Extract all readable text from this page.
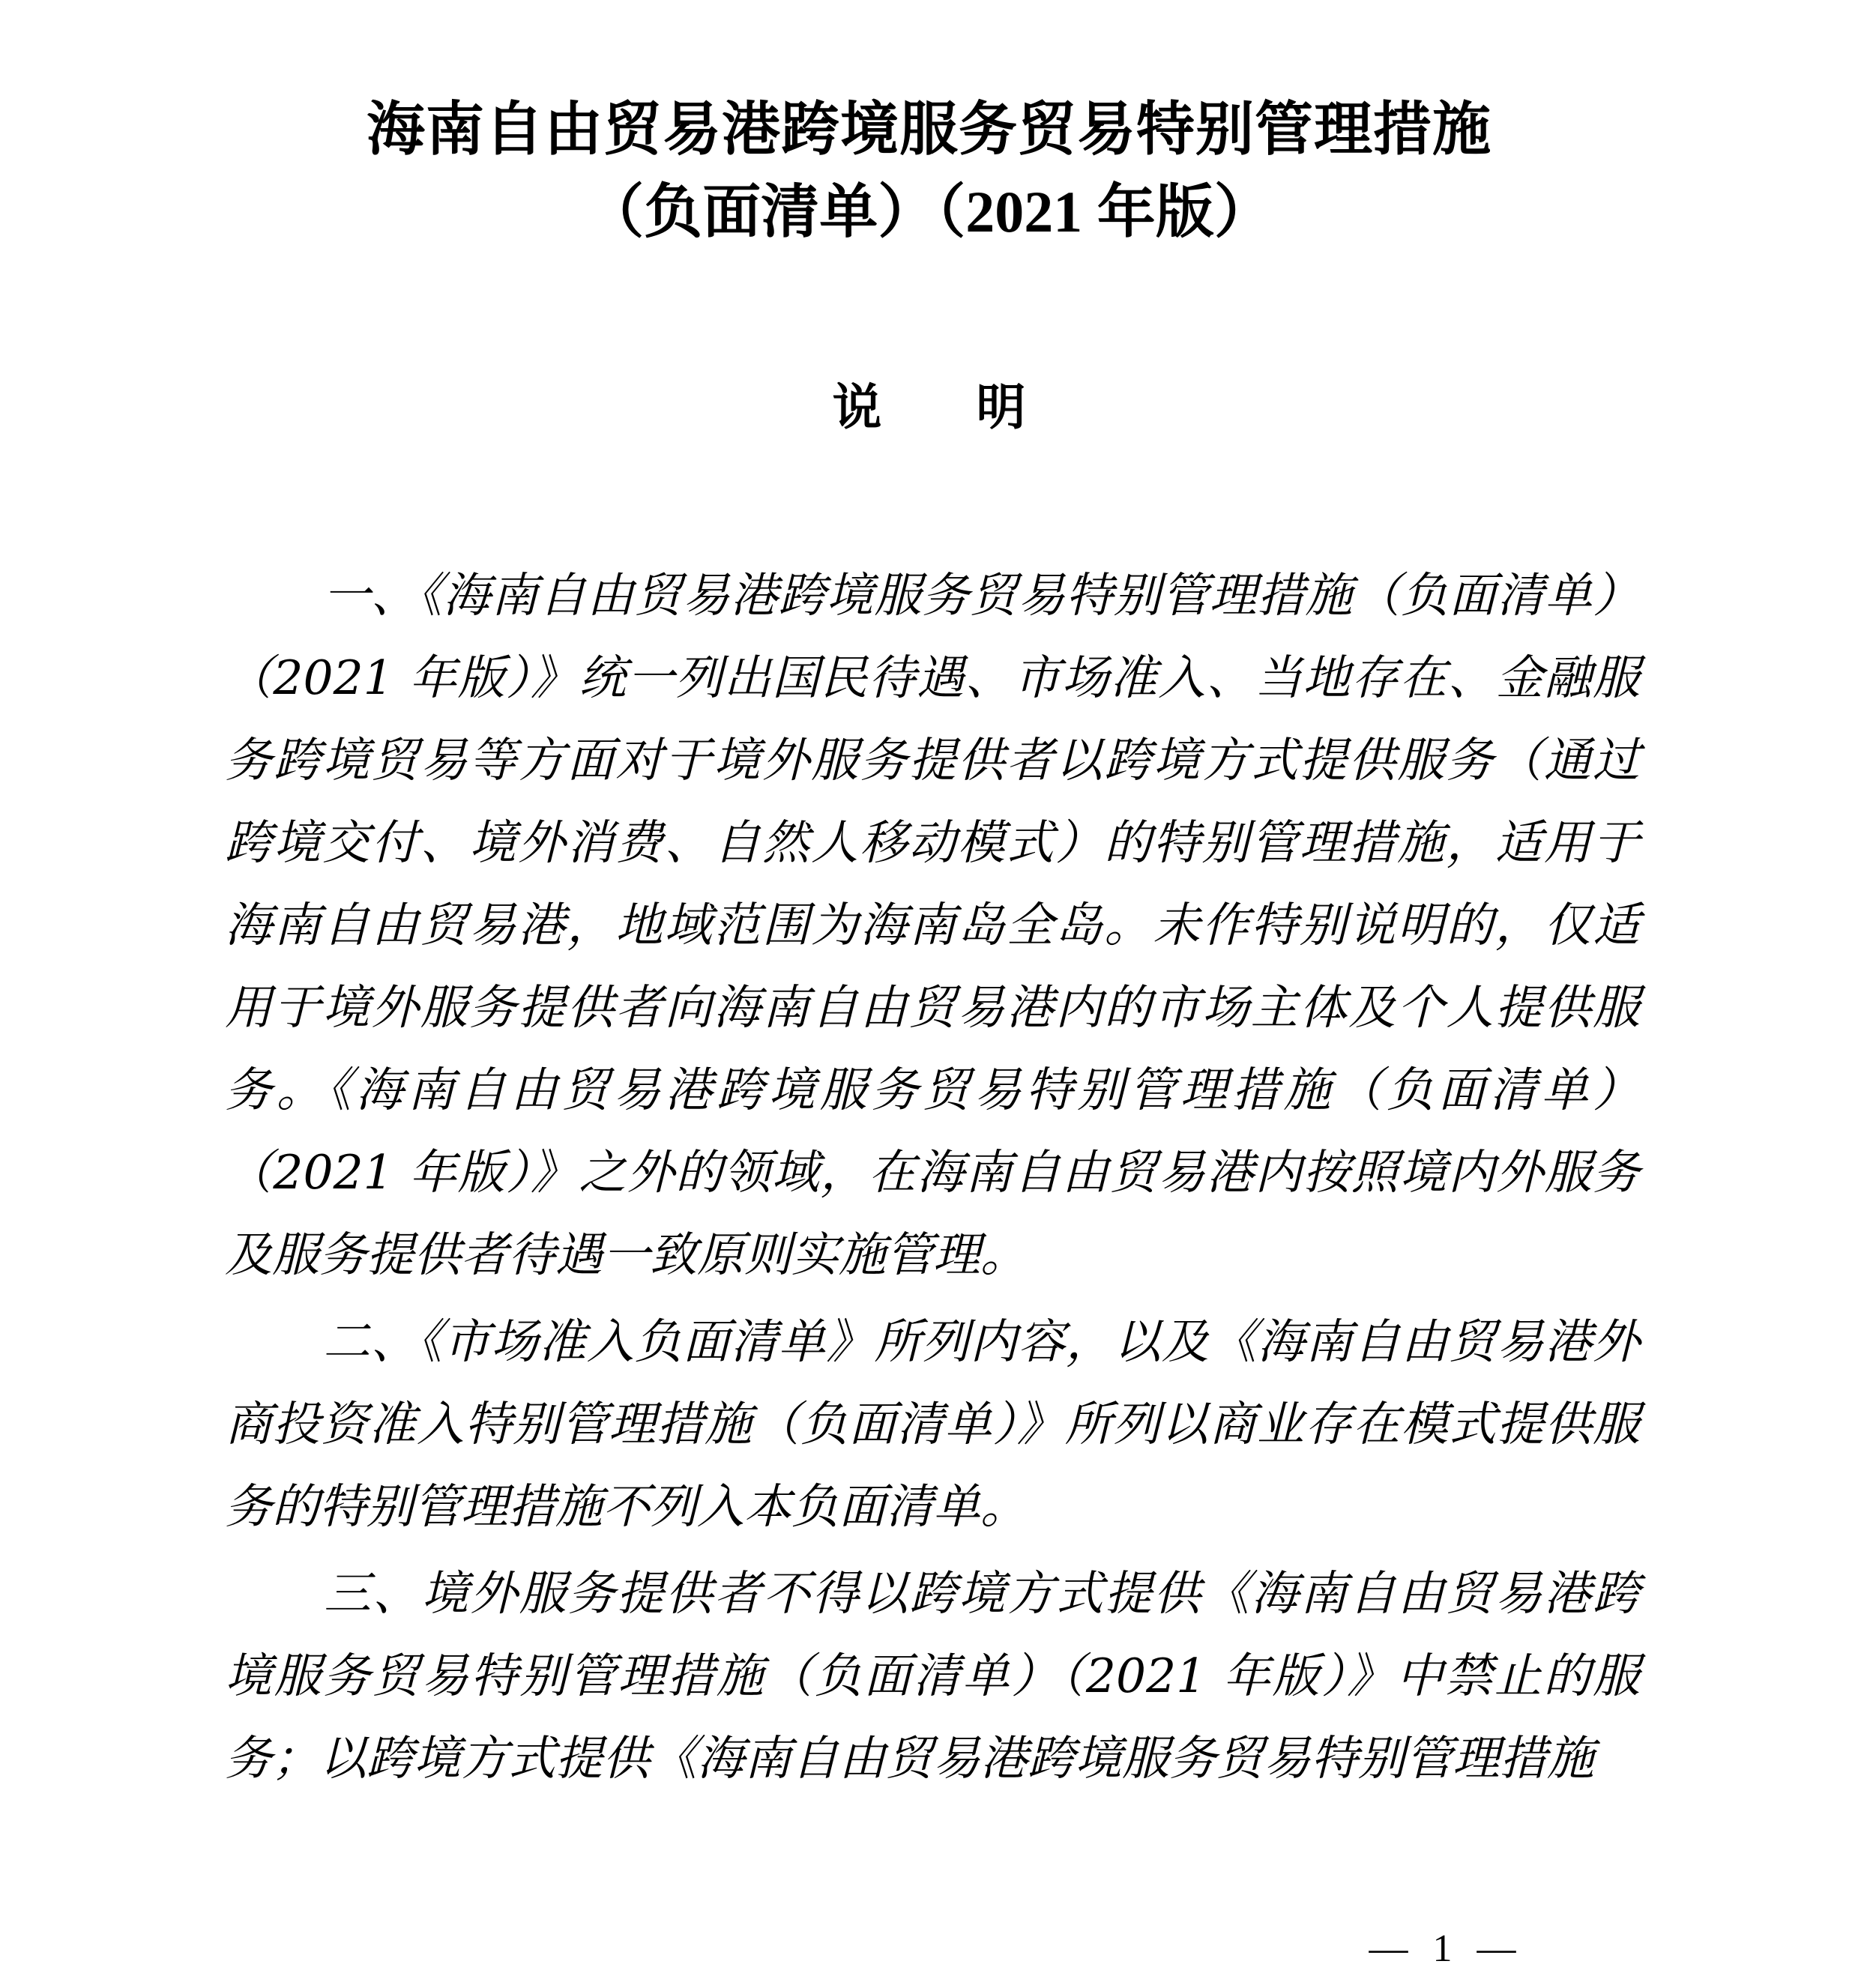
海南自由贸易港跨境服务贸易特别管理措施
（负面清单）（2021 年版）
说　明

一、《海南自由贸易港跨境服务贸易特别管理措施（负面清单）（2021 年版）》统一列出国民待遇、市场准入、当地存在、金融服务跨境贸易等方面对于境外服务提供者以跨境方式提供服务（通过跨境交付、境外消费、自然人移动模式）的特别管理措施，适用于海南自由贸易港，地域范围为海南岛全岛。未作特别说明的，仅适用于境外服务提供者向海南自由贸易港内的市场主体及个人提供服务。《海南自由贸易港跨境服务贸易特别管理措施（负面清单）（2021 年版）》之外的领域，在海南自由贸易港内按照境内外服务及服务提供者待遇一致原则实施管理。

二、《市场准入负面清单》所列内容，以及《海南自由贸易港外商投资准入特别管理措施（负面清单）》所列以商业存在模式提供服务的特别管理措施不列入本负面清单。

三、境外服务提供者不得以跨境方式提供《海南自由贸易港跨境服务贸易特别管理措施（负面清单）（2021 年版）》中禁止的服务；以跨境方式提供《海南自由贸易港跨境服务贸易特别管理措施

— 1 —
